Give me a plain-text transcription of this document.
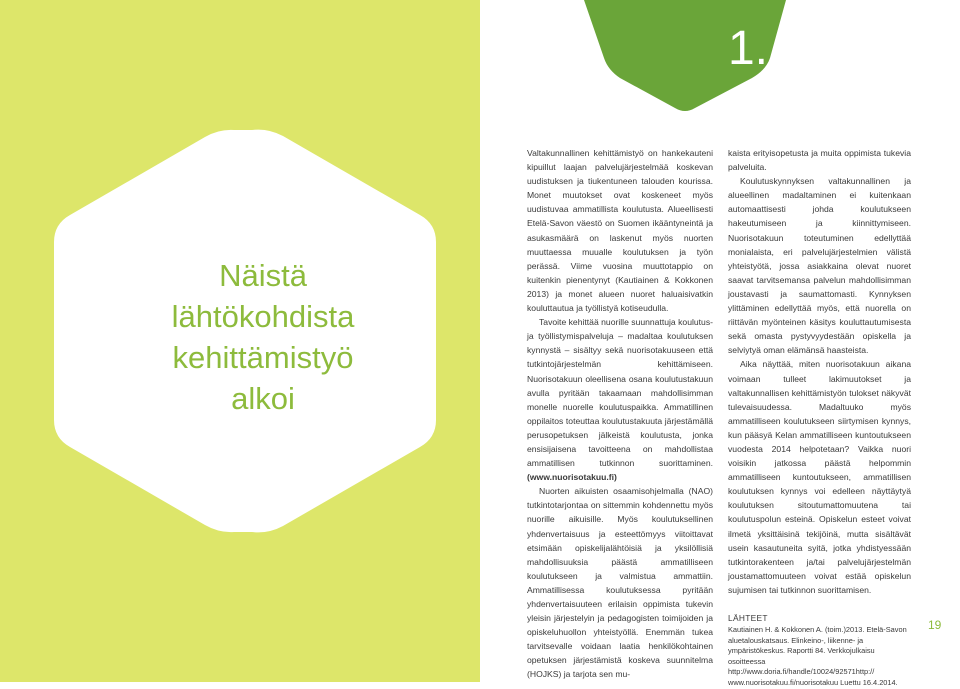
Näistä
lähtökohdista
kehittämistyö
alkoi
1.

Valtakunnallinen kehittämistyö on hankekauteni kipuillut laajan palvelujärjestelmää koskevan uudistuksen ja tiukentuneen talouden kourissa. Monet muutokset ovat koskeneet myös uudistuvaa ammatillista koulutusta. Alueellisesti Etelä-Savon väestö on Suomen ikääntyneintä ja asukasmäärä on laskenut myös nuorten muuttaessa muualle koulutuksen ja työn perässä. Viime vuosina muuttotappio on kuitenkin pienentynyt (Kautiainen & Kokkonen 2013) ja monet alueen nuoret haluaisivatkin kouluttautua ja työllistyä kotiseudulla.

Tavoite kehittää nuorille suunnattuja koulutus- ja työllistymispalveluja – madaltaa koulutuksen kynnystä – sisältyy sekä nuorisotakuuseen että tutkintojärjestelmän kehittämiseen. Nuorisotakuun oleellisena osana koulutustakuun avulla pyritään takaamaan mahdollisimman monelle nuorelle koulutuspaikka. Ammatillinen oppilaitos toteuttaa koulutustakuuta järjestämällä perusopetuksen jälkeistä koulutusta, jonka ensisijaisena tavoitteena on mahdollistaa ammatillisen tutkinnon suorittaminen. (www.nuorisotakuu.fi)

Nuorten aikuisten osaamisohjelmalla (NAO) tutkintotarjontaa on sittemmin kohdennettu myös nuorille aikuisille. Myös koulutuksellinen yhdenvertaisuus ja esteettömyys viitoittavat etsimään opiskelijalähtöisiä ja yksilöllisiä mahdollisuuksia päästä ammatilliseen koulutukseen ja valmistua ammattiin. Ammatillisessa koulutuksessa pyritään yhdenvertaisuuteen erilaisin oppimista tukevin yleisin järjestelyin ja pedagogisten toimijoiden ja opiskeluhuollon yhteistyöllä. Enemmän tukea tarvitsevalle voidaan laatia henkilökohtainen opetuksen järjestämistä koskeva suunnitelma (HOJKS) ja tarjota sen mu-

kaista erityisopetusta ja muita oppimista tukevia palveluita.

Koulutuskynnyksen valtakunnallinen ja alueellinen madaltaminen ei kuitenkaan automaattisesti johda koulutukseen hakeutumiseen ja kiinnittymiseen. Nuorisotakuun toteutuminen edellyttää monialaista, eri palvelujärjestelmien välistä yhteistyötä, jossa asiakkaina olevat nuoret saavat tarvitsemansa palvelun mahdollisimman joustavasti ja saumattomasti. Kynnyksen ylittäminen edellyttää myös, että nuorella on riittävän myönteinen käsitys kouluttautumisesta sekä omasta pystyvyydestään opiskella ja selviytyä oman elämänsä haasteista.

Aika näyttää, miten nuorisotakuun aikana voimaan tulleet lakimuutokset ja valtakunnallisen kehittämistyön tulokset näkyvät tulevaisuudessa. Madaltuuko myös ammatilliseen koulutukseen siirtymisen kynnys, kun pääsyä Kelan ammatilliseen kuntoutukseen vuodesta 2014 helpotetaan? Vaikka nuori voisikin jatkossa päästä helpommin ammatilliseen kuntoutukseen, ammatillisen koulutuksen kynnys voi edelleen näyttäytyä koulutuksen sitoutumattomuutena tai koulutuspolun esteinä. Opiskelun esteet voivat ilmetä yksittäisinä tekijöinä, mutta sisältävät usein kasautuneita syitä, jotka yhdistyessään tutkintorakenteen ja/tai palvelujärjestelmän joustamattomuuteen voivat estää opiskelun sujumisen tai tutkinnon suorittamisen.

LÄHTEET

Kautiainen H. & Kokkonen A. (toim.)2013. Etelä-Savon aluetalouskatsaus. Elinkeino-, liikenne- ja ympäristökeskus. Raportti 84. Verkkojulkaisu osoitteessa http://www.doria.fi/handle/10024/92571http:// www.nuorisotakuu.fi/nuorisotakuu Luettu 16.4.2014.

19
